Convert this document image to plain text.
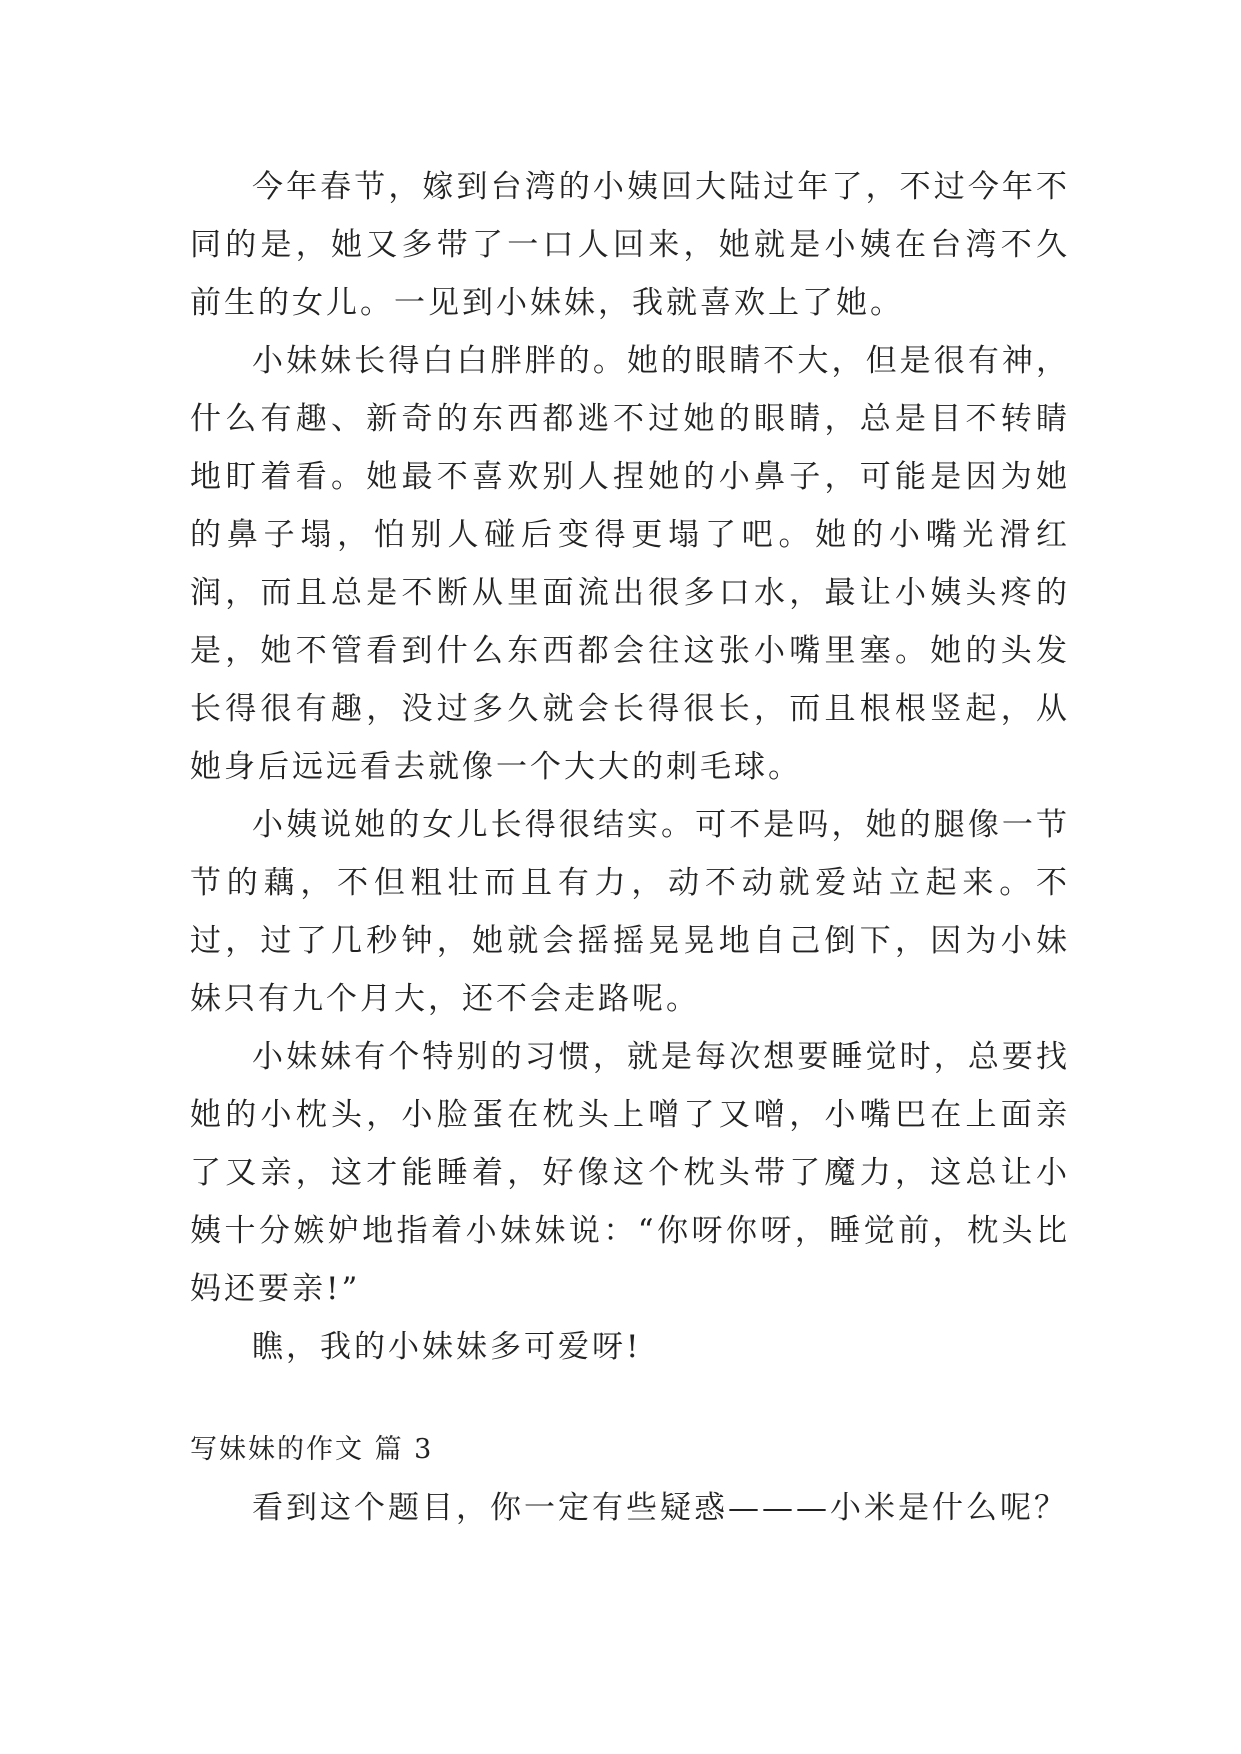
今年春节，嫁到台湾的小姨回大陆过年了，不过今年不同的是，她又多带了一口人回来，她就是小姨在台湾不久前生的女儿。一见到小妹妹，我就喜欢上了她。

小妹妹长得白白胖胖的。她的眼睛不大，但是很有神，什么有趣、新奇的东西都逃不过她的眼睛，总是目不转睛地盯着看。她最不喜欢别人捏她的小鼻子，可能是因为她的鼻子塌，怕别人碰后变得更塌了吧。她的小嘴光滑红润，而且总是不断从里面流出很多口水，最让小姨头疼的是，她不管看到什么东西都会往这张小嘴里塞。她的头发长得很有趣，没过多久就会长得很长，而且根根竖起，从她身后远远看去就像一个大大的刺毛球。

小姨说她的女儿长得很结实。可不是吗，她的腿像一节节的藕，不但粗壮而且有力，动不动就爱站立起来。不过，过了几秒钟，她就会摇摇晃晃地自己倒下，因为小妹妹只有九个月大，还不会走路呢。

小妹妹有个特别的习惯，就是每次想要睡觉时，总要找她的小枕头，小脸蛋在枕头上噌了又噌，小嘴巴在上面亲了又亲，这才能睡着，好像这个枕头带了魔力，这总让小姨十分嫉妒地指着小妹妹说：“你呀你呀，睡觉前，枕头比妈还要亲!”

瞧，我的小妹妹多可爱呀!

写妹妹的作文 篇 3

看到这个题目，你一定有些疑惑———小米是什么呢？
